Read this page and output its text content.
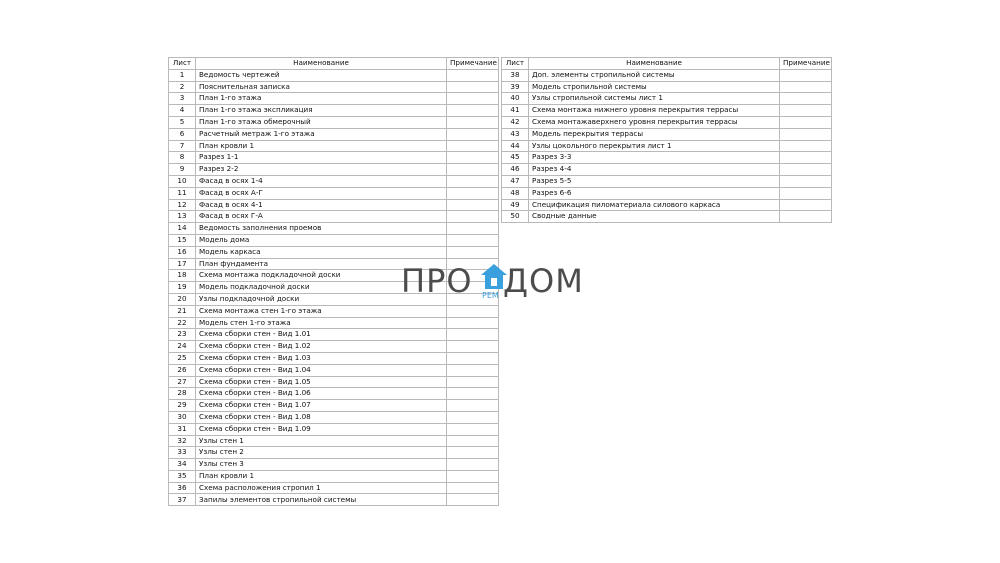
Лист	Наименование	Примечание
1	Ведомость чертежей	
2	Пояснительная записка	
3	План 1-го этажа	
4	План 1-го этажа экспликация	
5	План 1-го этажа обмерочный	
6	Расчетный метраж 1-го этажа	
7	План кровли 1	
8	Разрез 1-1	
9	Разрез 2-2	
10	Фасад в осях 1-4	
11	Фасад в осях А-Г	
12	Фасад в осях 4-1	
13	Фасад в осях Г-А	
14	Ведомость заполнения проемов	
15	Модель дома	
16	Модель каркаса	
17	План фундамента	
18	Схема монтажа подкладочной доски	
19	Модель подкладочной доски	
20	Узлы подкладочной доски	
21	Схема монтажа стен 1-го этажа	
22	Модель стен 1-го этажа	
23	Схема сборки стен - Вид 1.01	
24	Схема сборки стен - Вид 1.02	
25	Схема сборки стен - Вид 1.03	
26	Схема сборки стен - Вид 1.04	
27	Схема сборки стен - Вид 1.05	
28	Схема сборки стен - Вид 1.06	
29	Схема сборки стен - Вид 1.07	
30	Схема сборки стен - Вид 1.08	
31	Схема сборки стен - Вид 1.09	
32	Узлы стен 1	
33	Узлы стен 2	
34	Узлы стен 3	
35	План кровли 1	
36	Схема расположения стропил 1	
37	Запилы элементов стропильной системы	
Лист	Наименование	Примечание
38	Доп. элементы стропильной системы	
39	Модель стропильной системы	
40	Узлы стропильной системы лист 1	
41	Схема монтажа нижнего уровня перекрытия террасы	
42	Схема монтажаверхнего уровня перекрытия террасы	
43	Модель перекрытия террасы	
44	Узлы цокольного перекрытия лист 1	
45	Разрез 3-3	
46	Разрез 4-4	
47	Разрез 5-5	
48	Разрез 6-6	
49	Спецификация пиломатериала силового каркаса	
50	Сводные данные	
ПРО РЕМ ДОМ
